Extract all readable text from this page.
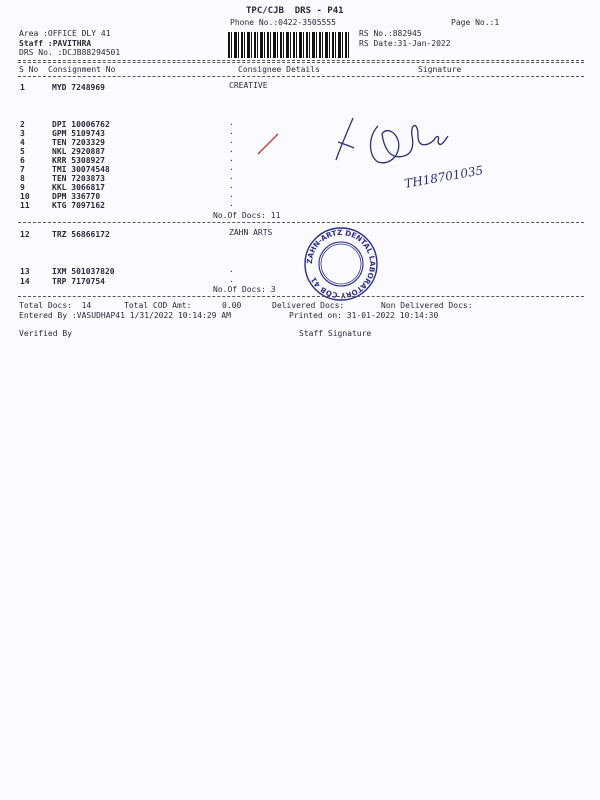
TPC/CJB  DRS - P41
Phone No.:0422-3505555	Page No.:1
Area :OFFICE DLY 41
Staff :PAVITHRA
DRS No. :DCJB88294501
RS No.:882945
RS Date:31-Jan-2022
S No Consignment No	Consignee Details	Signature
1	MYD 7248969	CREATIVE
2	DPI 10006762	.
3	GPM 5109743	.
4	TEN 7203329	.
5	NKL 2920887	.
6	KRR 5308927	.
7	TMI 30074548	.
8	TEN 7203873	.
9	KKL 3066817	.
10	DPM 336770	.
11	KTG 7097162	.
No.Of Docs: 11
TH18701035
12	TRZ 56866172	ZAHN ARTS
13	IXM 501037820	.
14	TRP 7170754	.
No.Of Docs: 3
ZAHN-ARTZ DENTAL LABORATORY COB 41
Total Docs:  14	Total COD Amt:	0.00	Delivered Docs:	Non Delivered Docs:
Entered By :VASUDHAP41 1/31/2022 10:14:29 AM	Printed on: 31-01-2022 10:14:30
Verified By	Staff Signature
